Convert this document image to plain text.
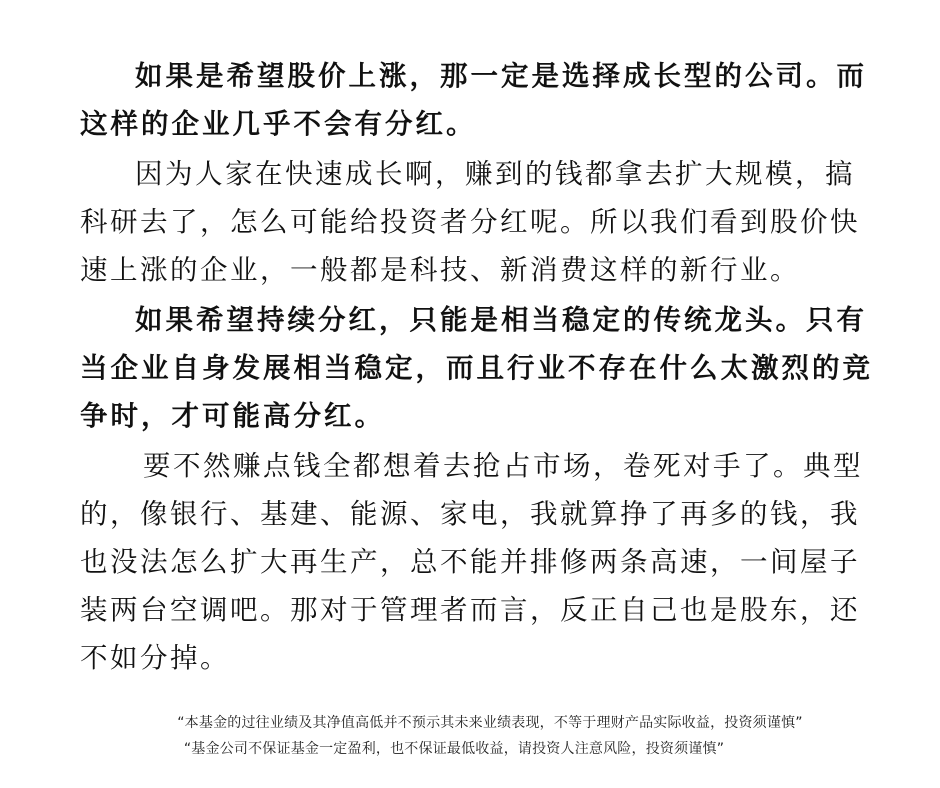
如果是希望股价上涨，那一定是选择成长型的公司。而这样的企业几乎不会有分红。

因为人家在快速成长啊，赚到的钱都拿去扩大规模，搞科研去了，怎么可能给投资者分红呢。所以我们看到股价快速上涨的企业，一般都是科技、新消费这样的新行业。

如果希望持续分红，只能是相当稳定的传统龙头。只有当企业自身发展相当稳定，而且行业不存在什么太激烈的竞争时，才可能高分红。

要不然赚点钱全都想着去抢占市场，卷死对手了。典型的，像银行、基建、能源、家电，我就算挣了再多的钱，我也没法怎么扩大再生产，总不能并排修两条高速，一间屋子装两台空调吧。那对于管理者而言，反正自己也是股东，还不如分掉。

“本基金的过往业绩及其净值高低并不预示其未来业绩表现，不等于理财产品实际收益，投资须谨慎”
“基金公司不保证基金一定盈利，也不保证最低收益，请投资人注意风险，投资须谨慎”
